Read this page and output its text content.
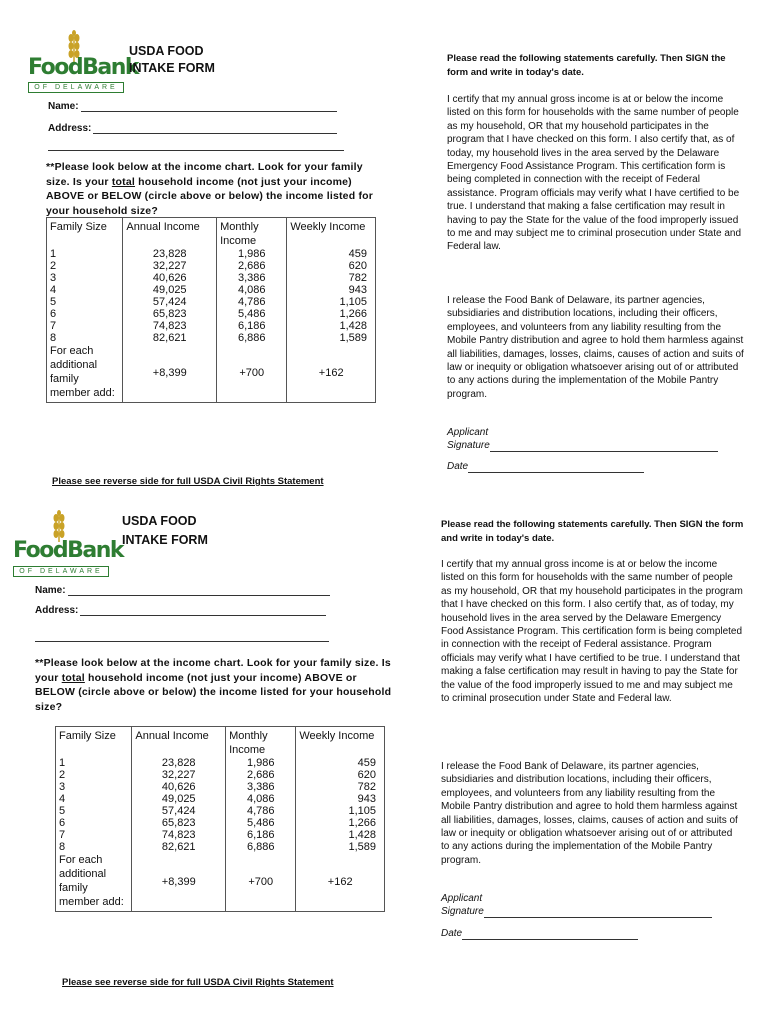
FoodBank
OF DELAWARE
USDA FOOD
INTAKE FORM
Name:
Address:
**Please look below at the income chart. Look for your family size. Is your total household income (not just your income) ABOVE or BELOW (circle above or below) the income listed for your household size?
Family Size	Annual Income	Monthly Income	Weekly Income
1	23,828	1,986	459
2	32,227	2,686	620
3	40,626	3,386	782
4	49,025	4,086	943
5	57,424	4,786	1,105
6	65,823	5,486	1,266
7	74,823	6,186	1,428
8	82,621	6,886	1,589
For each additional family member add:	+8,399	+700	+162
Please see reverse side for full USDA Civil Rights Statement
Please read the following statements carefully. Then SIGN the form and write in today's date.
I certify that my annual gross income is at or below the income listed on this form for households with the same number of people as my household, OR that my household participates in the program that I have checked on this form. I also certify that, as of today, my household lives in the area served by the Delaware Emergency Food Assistance Program. This certification form is being completed in connection with the receipt of Federal assistance. Program officials may verify what I have certified to be true. I understand that making a false certification may result in having to pay the State for the value of the food improperly issued to me and may subject me to criminal prosecution under State and Federal law.
I release the Food Bank of Delaware, its partner agencies, subsidiaries and distribution locations, including their officers, employees, and volunteers from any liability resulting from the Mobile Pantry distribution and agree to hold them harmless against all liabilities, damages, losses, claims, causes of action and suits of law or inequity or obligation whatsoever arising out of or attributed to any actions during the implementation of the Mobile Pantry program.
Applicant
Signature
Date
FoodBank
OF DELAWARE
USDA FOOD
INTAKE FORM
Name:
Address:
**Please look below at the income chart. Look for your family size. Is your total household income (not just your income) ABOVE or BELOW (circle above or below) the income listed for your household size?
Family Size	Annual Income	Monthly Income	Weekly Income
1	23,828	1,986	459
2	32,227	2,686	620
3	40,626	3,386	782
4	49,025	4,086	943
5	57,424	4,786	1,105
6	65,823	5,486	1,266
7	74,823	6,186	1,428
8	82,621	6,886	1,589
For each additional family member add:	+8,399	+700	+162
Please see reverse side for full USDA Civil Rights Statement
Please read the following statements carefully. Then SIGN the form and write in today's date.
I certify that my annual gross income is at or below the income listed on this form for households with the same number of people as my household, OR that my household participates in the program that I have checked on this form. I also certify that, as of today, my household lives in the area served by the Delaware Emergency Food Assistance Program. This certification form is being completed in connection with the receipt of Federal assistance. Program officials may verify what I have certified to be true. I understand that making a false certification may result in having to pay the State for the value of the food improperly issued to me and may subject me to criminal prosecution under State and Federal law.
I release the Food Bank of Delaware, its partner agencies, subsidiaries and distribution locations, including their officers, employees, and volunteers from any liability resulting from the Mobile Pantry distribution and agree to hold them harmless against all liabilities, damages, losses, claims, causes of action and suits of law or inequity or obligation whatsoever arising out of or attributed to any actions during the implementation of the Mobile Pantry program.
Applicant
Signature
Date
